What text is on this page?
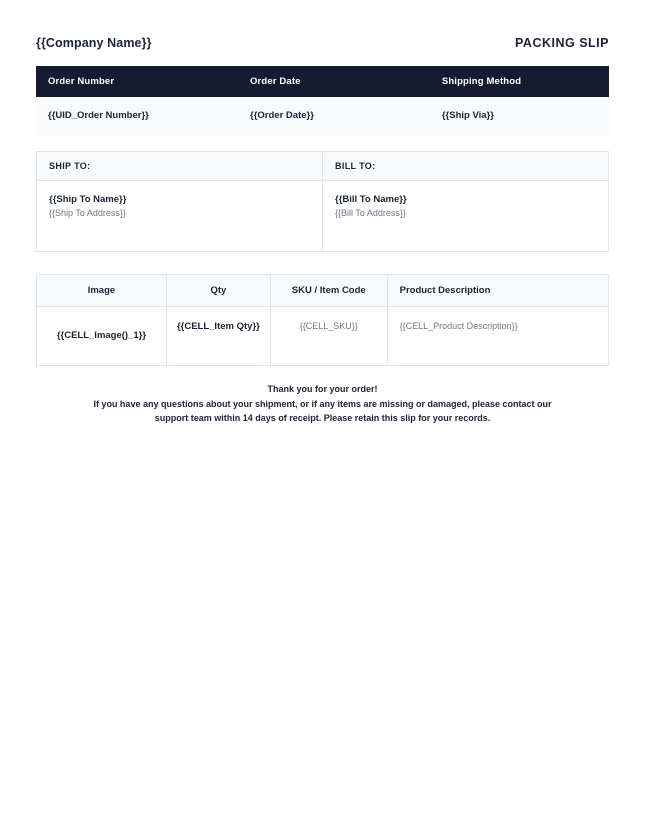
{{Company Name}}	PACKING SLIP
Order Number	Order Date	Shipping Method
{{UID_Order Number}}	{{Order Date}}	{{Ship Via}}
SHIP TO:	BILL TO:

{{Ship To Name}}
{{Ship To Address}}

{{Bill To Name}}
{{Bill To Address}}
Image	Qty	SKU / Item Code	Product Description
{{CELL_Image()_1}}	{{CELL_Item Qty}}	{{CELL_SKU}}	{{CELL_Product Description}}
Thank you for your order!
If you have any questions about your shipment, or if any items are missing or damaged, please contact our
support team within 14 days of receipt. Please retain this slip for your records.
